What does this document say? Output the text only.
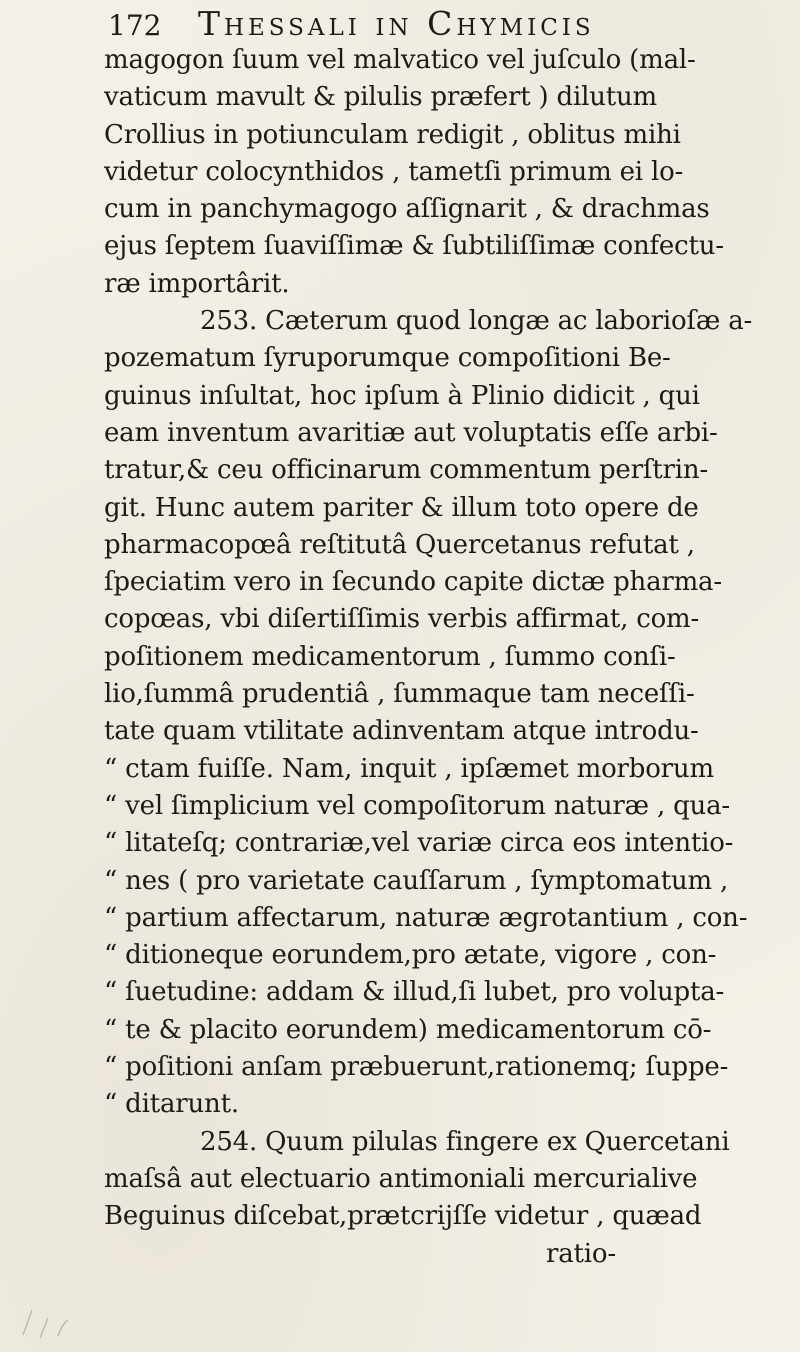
172 Thessali in Chymicis
magogon ſuum vel malvatico vel juſculo (mal-
vaticum mavult & pilulis præfert ) dilutum
Crollius in potiunculam redigit , oblitus mihi
videtur colocynthidos , tametſi primum ei lo-
cum in panchymagogo aſſignarit , & drachmas
ejus ſeptem ſuaviſſimæ & ſubtiliſſimæ confectu-
ræ importârit.
253. Cæterum quod longæ ac laborioſæ a-
pozematum ſyruporumque compoſitioni Be-
guinus inſultat, hoc ipſum à Plinio didicit , qui
eam inventum avaritiæ aut voluptatis eſſe arbi-
tratur,& ceu officinarum commentum perſtrin-
git. Hunc autem pariter & illum toto opere de
pharmacopœâ reſtitutâ Quercetanus refutat ,
ſpeciatim vero in ſecundo capite dictæ pharma-
copœas, vbi diſertiſſimis verbis affirmat, com-
poſitionem medicamentorum , ſummo conſi-
lio,ſummâ prudentiâ , ſummaque tam neceſſi-
tate quam vtilitate adinventam atque introdu-
“ ctam fuiſſe. Nam, inquit , ipſæmet morborum
“ vel ſimplicium vel compoſitorum naturæ , qua-
“ litateſq; contrariæ,vel variæ circa eos intentio-
“ nes ( pro varietate cauſſarum , ſymptomatum ,
“ partium affectarum, naturæ ægrotantium , con-
“ ditioneque eorundem,pro ætate, vigore , con-
“ ſuetudine: addam & illud,ſi lubet, pro volupta-
“ te & placito eorundem) medicamentorum cō-
“ poſitioni anſam præbuerunt,rationemq; ſuppe-
“ ditarunt.
254. Quum pilulas fingere ex Quercetani
maſsâ aut electuario antimoniali mercurialive
Beguinus diſcebat,prætcrijſſe videtur , quæad
ratio-
